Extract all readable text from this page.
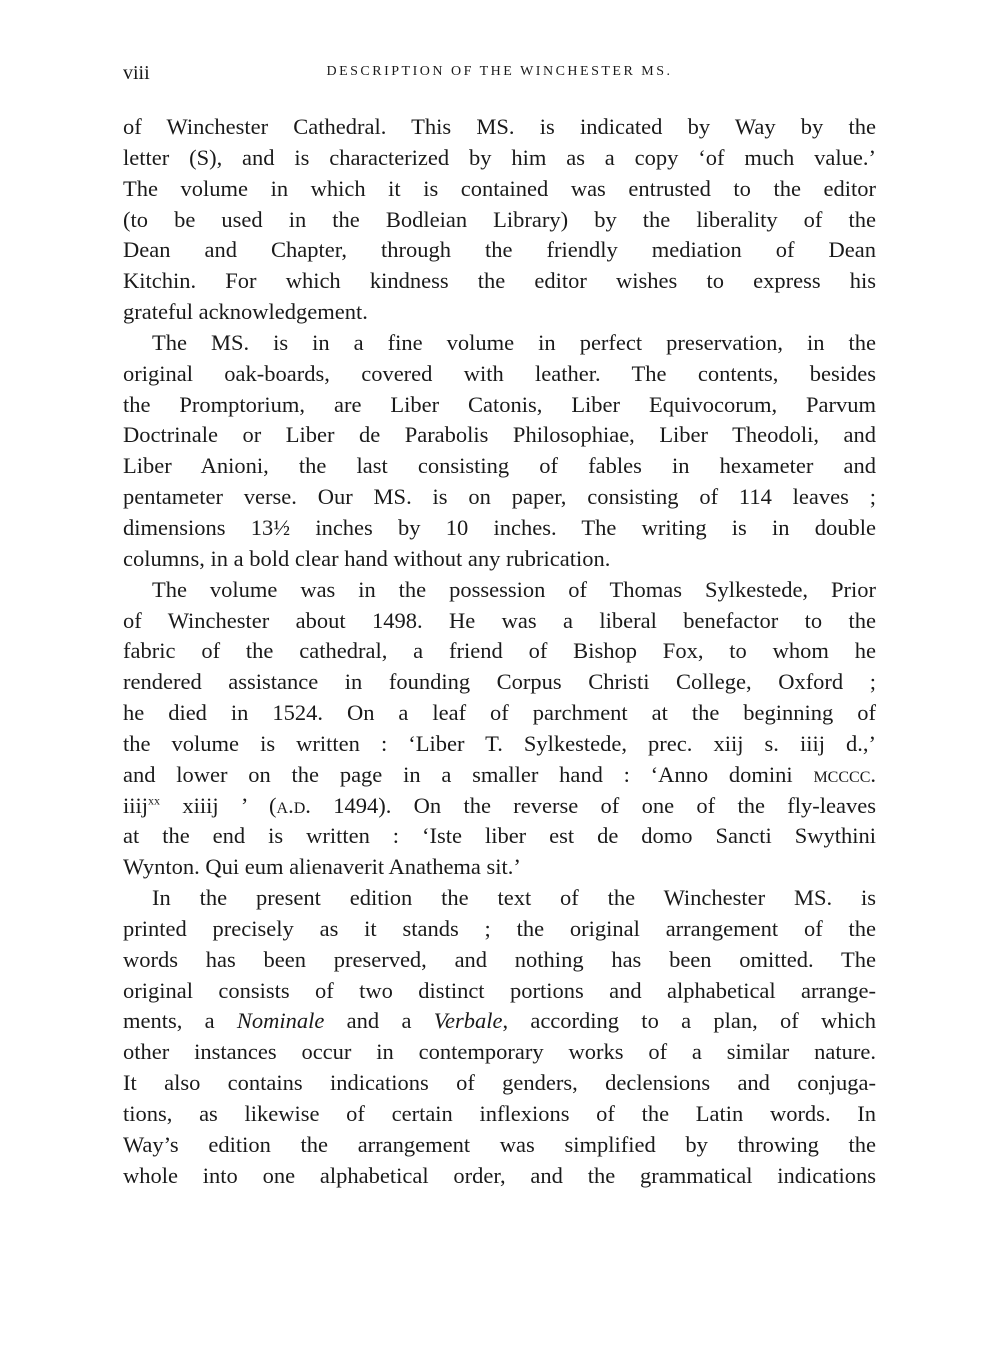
viii	DESCRIPTION OF THE WINCHESTER MS.
of Winchester Cathedral. This MS. is indicated by Way by the
letter (S), and is characterized by him as a copy ‘of much value.’
The volume in which it is contained was entrusted to the editor
(to be used in the Bodleian Library) by the liberality of the
Dean and Chapter, through the friendly mediation of Dean
Kitchin. For which kindness the editor wishes to express his
grateful acknowledgement.
The MS. is in a fine volume in perfect preservation, in the
original oak-boards, covered with leather. The contents, besides
the Promptorium, are Liber Catonis, Liber Equivocorum, Parvum
Doctrinale or Liber de Parabolis Philosophiae, Liber Theodoli, and
Liber Anioni, the last consisting of fables in hexameter and
pentameter verse. Our MS. is on paper, consisting of 114 leaves ;
dimensions 13½ inches by 10 inches. The writing is in double
columns, in a bold clear hand without any rubrication.
The volume was in the possession of Thomas Sylkestede, Prior
of Winchester about 1498. He was a liberal benefactor to the
fabric of the cathedral, a friend of Bishop Fox, to whom he
rendered assistance in founding Corpus Christi College, Oxford ;
he died in 1524. On a leaf of parchment at the beginning of
the volume is written : ‘Liber T. Sylkestede, prec. xiij s. iiij d.,’
and lower on the page in a smaller hand : ‘Anno domini mcccc.
iiij$^{xx}$ xiiij ’ (a.d. 1494). On the reverse of one of the fly-leaves
at the end is written : ‘Iste liber est de domo Sancti Swythini
Wynton. Qui eum alienaverit Anathema sit.’
In the present edition the text of the Winchester MS. is
printed precisely as it stands ; the original arrangement of the
words has been preserved, and nothing has been omitted. The
original consists of two distinct portions and alphabetical arrange-
ments, a Nominale and a Verbale, according to a plan, of which
other instances occur in contemporary works of a similar nature.
It also contains indications of genders, declensions and conjuga-
tions, as likewise of certain inflexions of the Latin words. In
Way’s edition the arrangement was simplified by throwing the
whole into one alphabetical order, and the grammatical indications
